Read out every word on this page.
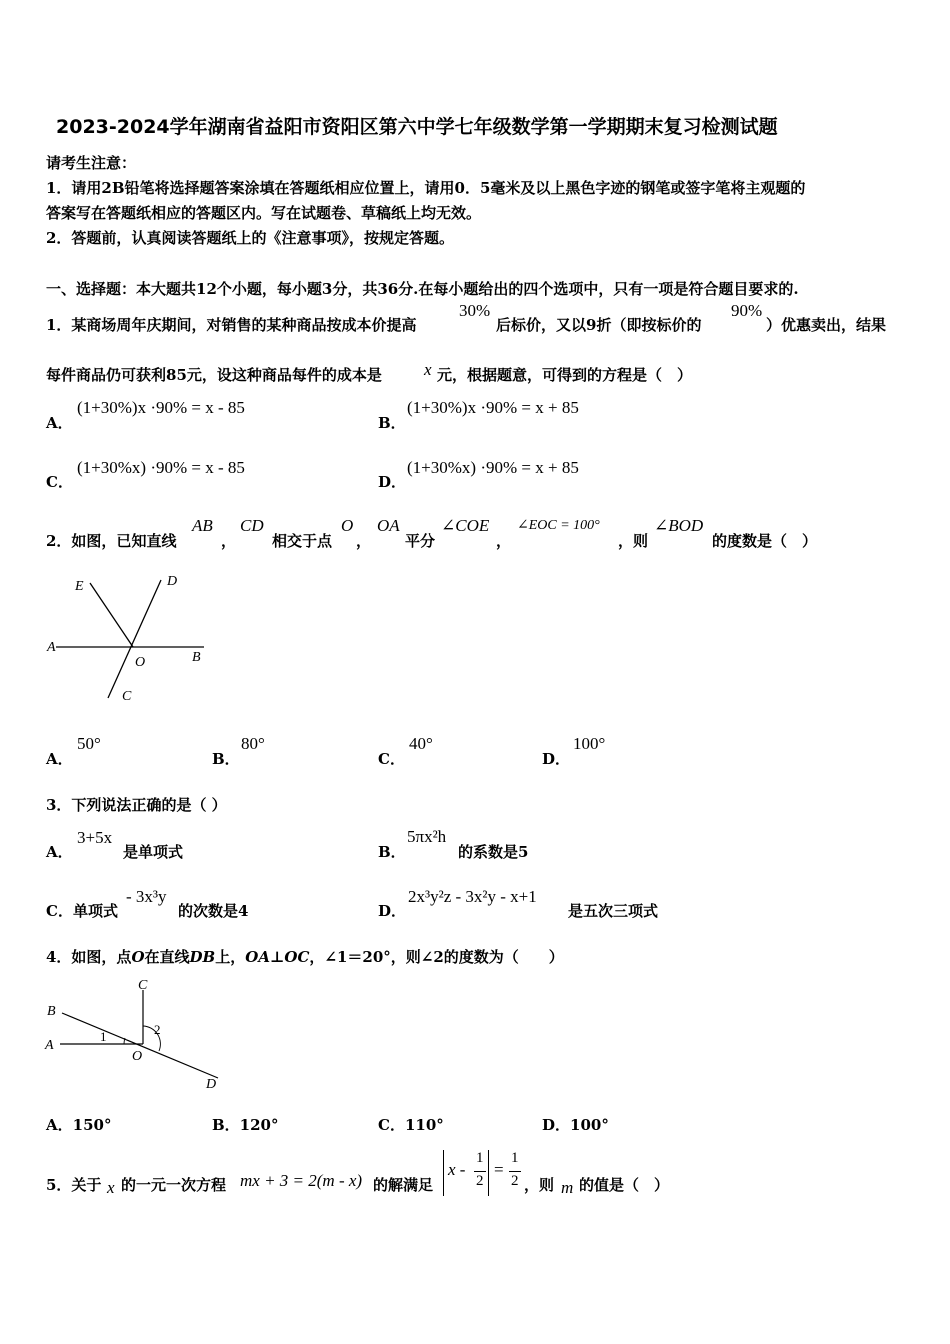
2023-2024学年湖南省益阳市资阳区第六中学七年级数学第一学期期末复习检测试题
请考生注意：
1．请用2B铅笔将选择题答案涂填在答题纸相应位置上，请用0．5毫米及以上黑色字迹的钢笔或签字笔将主观题的
答案写在答题纸相应的答题区内。写在试题卷、草稿纸上均无效。
2．答题前，认真阅读答题纸上的《注意事项》，按规定答题。
一、选择题：本大题共12个小题，每小题3分，共36分.在每小题给出的四个选项中，只有一项是符合题目要求的.
1．某商场周年庆期间，对销售的某种商品按成本价提高
30%
后标价，又以9折（即按标价的
90%
）优惠卖出，结果
每件商品仍可获利85元，设这种商品每件的成本是 x 元，根据题意，可得到的方程是（　）
A．
(1+30%)x ·90% = x - 85
B．
(1+30%)x ·90% = x + 85
C．
(1+30%x) ·90% = x - 85
D．
(1+30%x) ·90% = x + 85
2．如图，已知直线
AB
，
CD
相交于点
O
，
OA
平分
∠COE
，
∠EOC = 100°
，则
∠BOD
的度数是（　）
E	D
A
O	B
C
A．
50°
B．
80°
C．
40°
D．
100°
3．下列说法正确的是（ ）
A．
3+5x
是单项式	B．
5πx²h
的系数是5
C．单项式
- 3x³y
的次数是4	D．
2x³y²z - 3x²y - x+1
是五次三项式
4．如图，点O在直线DB上，OA⊥OC，∠1＝20°，则∠2的度数为（　　）
B
C
A
1	2
O
D
A．150°	B．120°	C．110°	D．100°
5．关于 x 的一元一次方程 mx + 3 = 2(m - x) 的解满足
x -
1
2
=
1
2 ，则 m 的值是（　）
